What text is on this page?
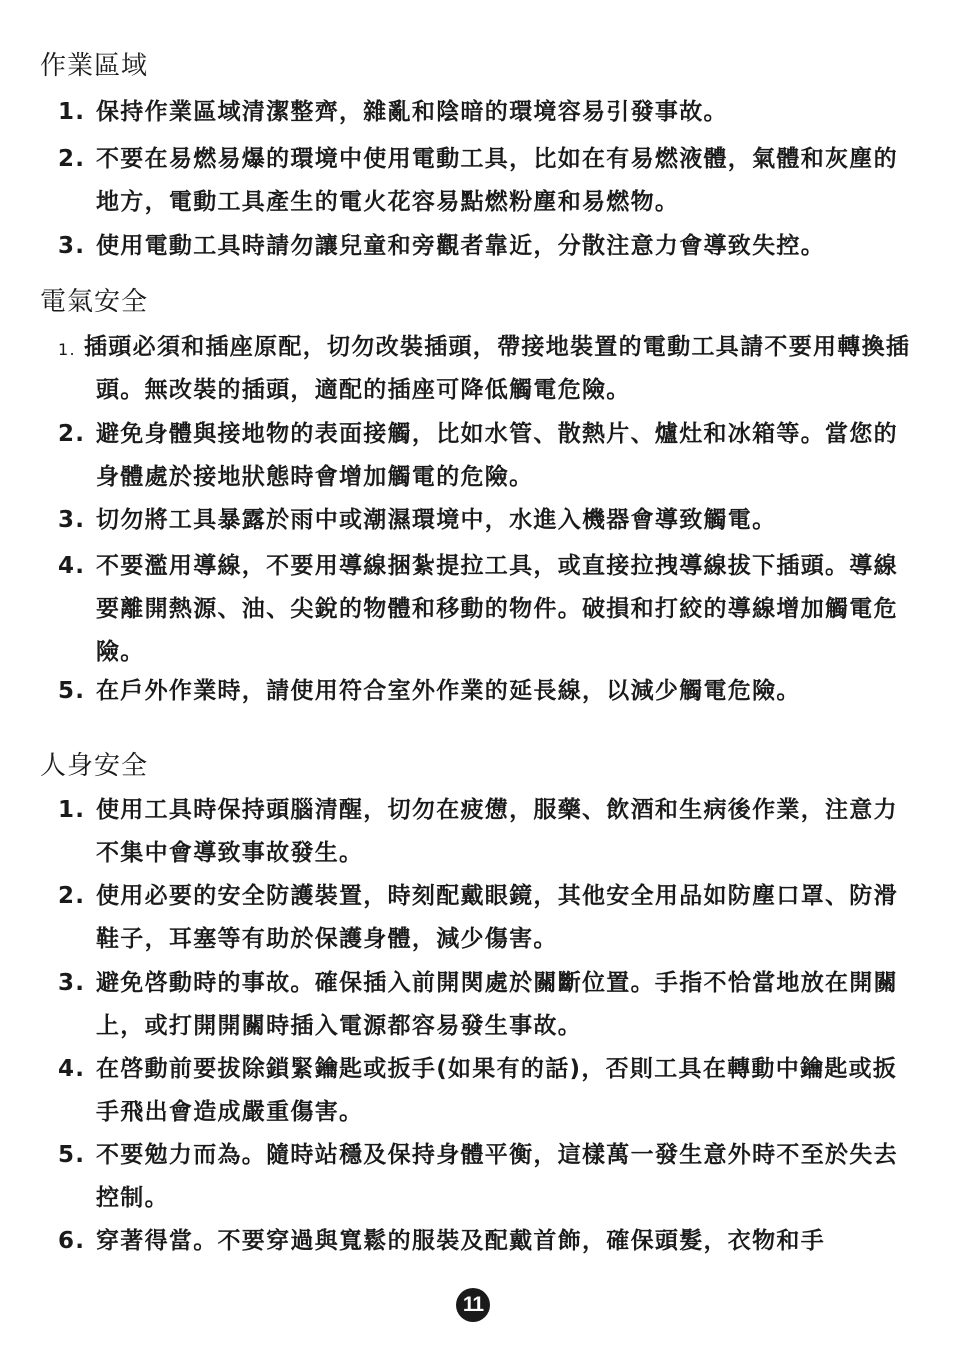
作業區域
1. 保持作業區域清潔整齊，雜亂和陰暗的環境容易引發事故。
2. 不要在易燃易爆的環境中使用電動工具，比如在有易燃液體，氣體和灰塵的地方，電動工具產生的電火花容易點燃粉塵和易燃物。
3. 使用電動工具時請勿讓兒童和旁觀者靠近，分散注意力會導致失控。
電氣安全
1. 插頭必須和插座原配，切勿改裝插頭，帶接地裝置的電動工具請不要用轉換插頭。無改裝的插頭，適配的插座可降低觸電危險。
2. 避免身體與接地物的表面接觸，比如水管、散熱片、爐灶和冰箱等。當您的身體處於接地狀態時會增加觸電的危險。
3. 切勿將工具暴露於雨中或潮濕環境中，水進入機器會導致觸電。
4. 不要濫用導線，不要用導線捆紮提拉工具，或直接拉拽導線拔下插頭。導線要離開熱源、油、尖銳的物體和移動的物件。破損和打絞的導線增加觸電危險。
5. 在戶外作業時，請使用符合室外作業的延長線，以減少觸電危險。
人身安全
1. 使用工具時保持頭腦清醒，切勿在疲憊，服藥、飲酒和生病後作業，注意力不集中會導致事故發生。
2. 使用必要的安全防護裝置，時刻配戴眼鏡，其他安全用品如防塵口罩、防滑鞋子，耳塞等有助於保護身體，減少傷害。
3. 避免啓動時的事故。確保插入前開関處於關斷位置。手指不恰當地放在開關上，或打開開關時插入電源都容易發生事故。
4. 在啓動前要拔除鎖緊鑰匙或扳手(如果有的話)，否則工具在轉動中鑰匙或扳手飛出會造成嚴重傷害。
5. 不要勉力而為。隨時站穩及保持身體平衡，這樣萬一發生意外時不至於失去控制。
6. 穿著得當。不要穿過與寬鬆的服裝及配戴首飾，確保頭髮，衣物和手
11
